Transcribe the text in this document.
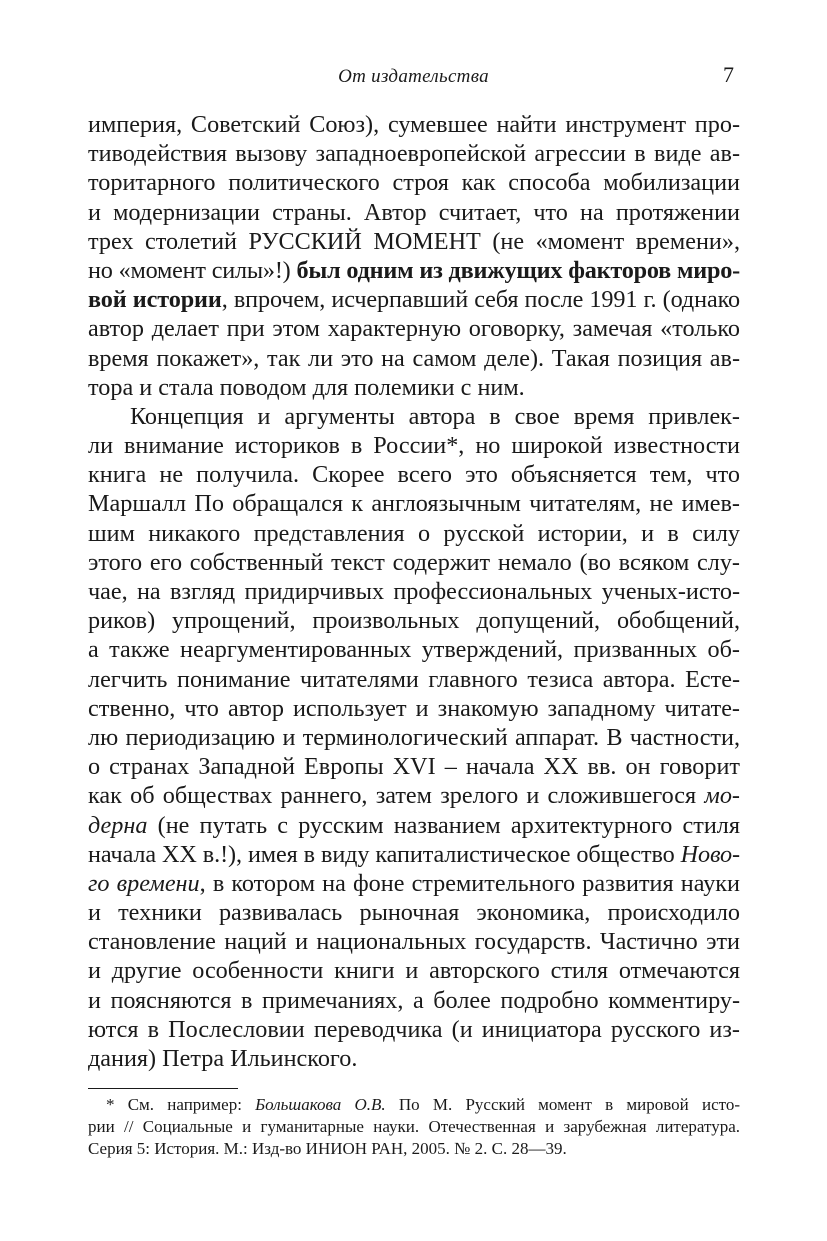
От издательства	7
империя, Советский Союз), сумевшее найти инструмент про-
тиводействия вызову западноевропейской агрессии в виде ав-
торитарного политического строя как способа мобилизации
и модернизации страны. Автор считает, что на протяжении
трех столетий РУССКИЙ МОМЕНТ (не «момент времени»,
но «момент силы»!) был одним из движущих факторов миро-
вой истории, впрочем, исчерпавший себя после 1991 г. (однако
автор делает при этом характерную оговорку, замечая «только
время покажет», так ли это на самом деле). Такая позиция ав-
тора и стала поводом для полемики с ним.
Концепция и аргументы автора в свое время привлек-
ли внимание историков в России*, но широкой известности
книга не получила. Скорее всего это объясняется тем, что
Маршалл По обращался к англоязычным читателям, не имев-
шим никакого представления о русской истории, и в силу
этого его собственный текст содержит немало (во всяком слу-
чае, на взгляд придирчивых профессиональных ученых-исто-
риков) упрощений, произвольных допущений, обобщений,
а также неаргументированных утверждений, призванных об-
легчить понимание читателями главного тезиса автора. Есте-
ственно, что автор использует и знакомую западному читате-
лю периодизацию и терминологический аппарат. В частности,
о странах Западной Европы XVI – начала XX вв. он говорит
как об обществах раннего, затем зрелого и сложившегося мо-
дерна (не путать с русским названием архитектурного стиля
начала XX в.!), имея в виду капиталистическое общество Ново-
го времени, в котором на фоне стремительного развития науки
и техники развивалась рыночная экономика, происходило
становление наций и национальных государств. Частично эти
и другие особенности книги и авторского стиля отмечаются
и поясняются в примечаниях, а более подробно комментиру-
ются в Послесловии переводчика (и инициатора русского из-
дания) Петра Ильинского.
* См. например: Большакова О.В. По М. Русский момент в мировой исто-
рии // Социальные и гуманитарные науки. Отечественная и зарубежная литература.
Серия 5: История. М.: Изд-во ИНИОН РАН, 2005. № 2. С. 28—39.
